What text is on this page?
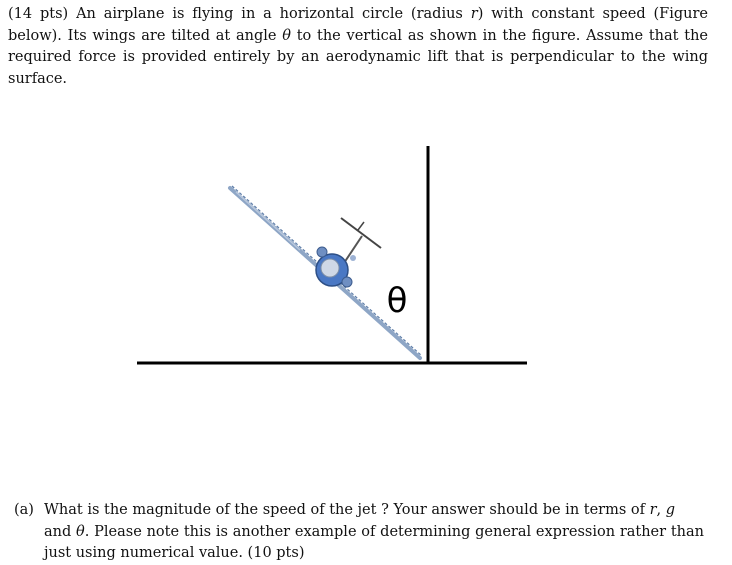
(14 pts) An airplane is flying in a horizontal circle (radius r) with constant speed (Figure below). Its wings are tilted at angle θ to the vertical as shown in the figure. Assume that the required force is provided entirely by an aerodynamic lift that is perpendicular to the wing surface.

θ
(a) What is the magnitude of the speed of the jet ? Your answer should be in terms of r, g
and θ. Please note this is another example of determining general expression rather than just using numerical value. (10 pts)
